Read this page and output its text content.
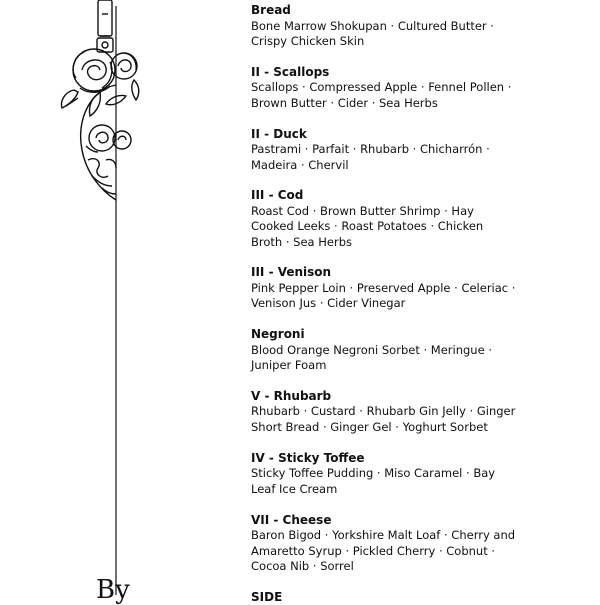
By
Bread
Bone Marrow Shokupan · Cultured Butter · Crispy Chicken Skin
II - Scallops
Scallops · Compressed Apple · Fennel Pollen · Brown Butter · Cider · Sea Herbs
II - Duck
Pastrami · Parfait · Rhubarb · Chicharrón · Madeira · Chervil
III - Cod
Roast Cod · Brown Butter Shrimp · Hay Cooked Leeks · Roast Potatoes · Chicken Broth · Sea Herbs
III - Venison
Pink Pepper Loin · Preserved Apple · Celeriac · Venison Jus · Cider Vinegar
Negroni
Blood Orange Negroni Sorbet · Meringue · Juniper Foam
V - Rhubarb
Rhubarb · Custard · Rhubarb Gin Jelly · Ginger Short Bread · Ginger Gel · Yoghurt Sorbet
IV - Sticky Toffee
Sticky Toffee Pudding · Miso Caramel · Bay Leaf Ice Cream
VII - Cheese
Baron Bigod · Yorkshire Malt Loaf · Cherry and Amaretto Syrup · Pickled Cherry · Cobnut · Cocoa Nib · Sorrel
SIDE
